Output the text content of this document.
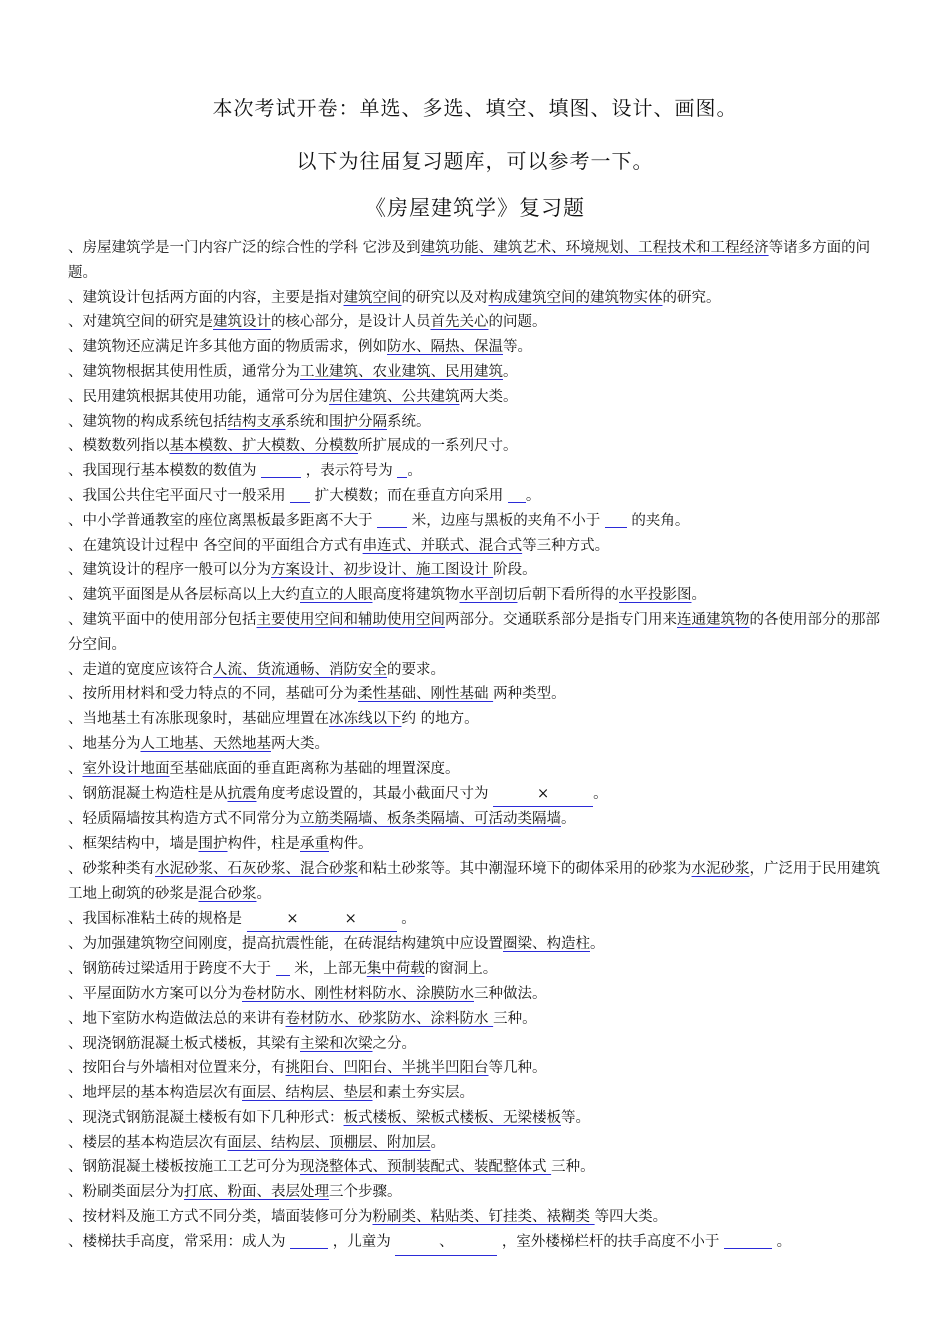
本次考试开卷：单选、多选、填空、填图、设计、画图。
以下为往届复习题库，可以参考一下。
《房屋建筑学》复习题
、房屋建筑学是一门内容广泛的综合性的学科 它涉及到建筑功能、建筑艺术、环境规划、工程技术和工程经济等诸多方面的问题。
、建筑设计包括两方面的内容，主要是指对建筑空间的研究以及对构成建筑空间的建筑物实体的研究。
、对建筑空间的研究是建筑设计的核心部分，是设计人员首先关心的问题。
、建筑物还应满足许多其他方面的物质需求，例如防水、隔热、保温等。
、建筑物根据其使用性质，通常分为工业建筑、农业建筑、民用建筑。
、民用建筑根据其使用功能，通常可分为居住建筑、公共建筑两大类。
、建筑物的构成系统包括结构支承系统和围护分隔系统。
、模数数列指以基本模数、扩大模数、分模数所扩展成的一系列尺寸。
、我国现行基本模数的数值为	，表示符号为 。
、我国公共住宅平面尺寸一般采用  扩大模数；而在垂直方向采用 。
、中小学普通教室的座位离黑板最多距离不大于  米，边座与黑板的夹角不小于  的夹角。
、在建筑设计过程中 各空间的平面组合方式有串连式、并联式、混合式等三种方式。
、建筑设计的程序一般可以分为方案设计、初步设计、施工图设计 阶段。
、建筑平面图是从各层标高以上大约直立的人眼高度将建筑物水平剖切后朝下看所得的水平投影图。
、建筑平面中的使用部分包括主要使用空间和辅助使用空间两部分。交通联系部分是指专门用来连通建筑物的各使用部分的那部分空间。
、走道的宽度应该符合人流、货流通畅、消防安全的要求。
、按所用材料和受力特点的不同，基础可分为柔性基础、刚性基础 两种类型。
、当地基土有冻胀现象时，基础应埋置在冰冻线以下约 的地方。
、地基分为人工地基、天然地基两大类。
、室外设计地面至基础底面的垂直距离称为基础的埋置深度。
、钢筋混凝土构造柱是从抗震角度考虑设置的，其最小截面尺寸为	×	。
、轻质隔墙按其构造方式不同常分为立筋类隔墙、板条类隔墙、可活动类隔墙。
、框架结构中，墙是围护构件，柱是承重构件。
、砂浆种类有水泥砂浆、石灰砂浆、混合砂浆和粘土砂浆等。其中潮湿环境下的砌体采用的砂浆为水泥砂浆，广泛用于民用建筑工地上砌筑的砂浆是混合砂浆。
、我国标准粘土砖的规格是	×          ×	。
、为加强建筑物空间刚度，提高抗震性能，在砖混结构建筑中应设置圈梁、构造柱。
、钢筋砖过梁适用于跨度不大于  米，上部无集中荷载的窗洞上。
、平屋面防水方案可以分为卷材防水、刚性材料防水、涂膜防水三种做法。
、地下室防水构造做法总的来讲有卷材防水、砂浆防水、涂料防水 三种。
、现浇钢筋混凝土板式楼板，其梁有主梁和次梁之分。
、按阳台与外墙相对位置来分，有挑阳台、凹阳台、半挑半凹阳台等几种。
、地坪层的基本构造层次有面层、结构层、垫层和素土夯实层。
、现浇式钢筋混凝土楼板有如下几种形式：板式楼板、梁板式楼板、无梁楼板等。
、楼层的基本构造层次有面层、结构层、顶棚层、附加层。
、钢筋混凝土楼板按施工工艺可分为现浇整体式、预制装配式、装配整体式 三种。
、粉刷类面层分为打底、粉面、表层处理三个步骤。
、按材料及施工方式不同分类，墙面装修可分为粉刷类、粘贴类、钉挂类、裱糊类 等四大类。
、楼梯扶手高度，常采用：成人为	，儿童为	、	，室外楼梯栏杆的扶手高度不小于	。
